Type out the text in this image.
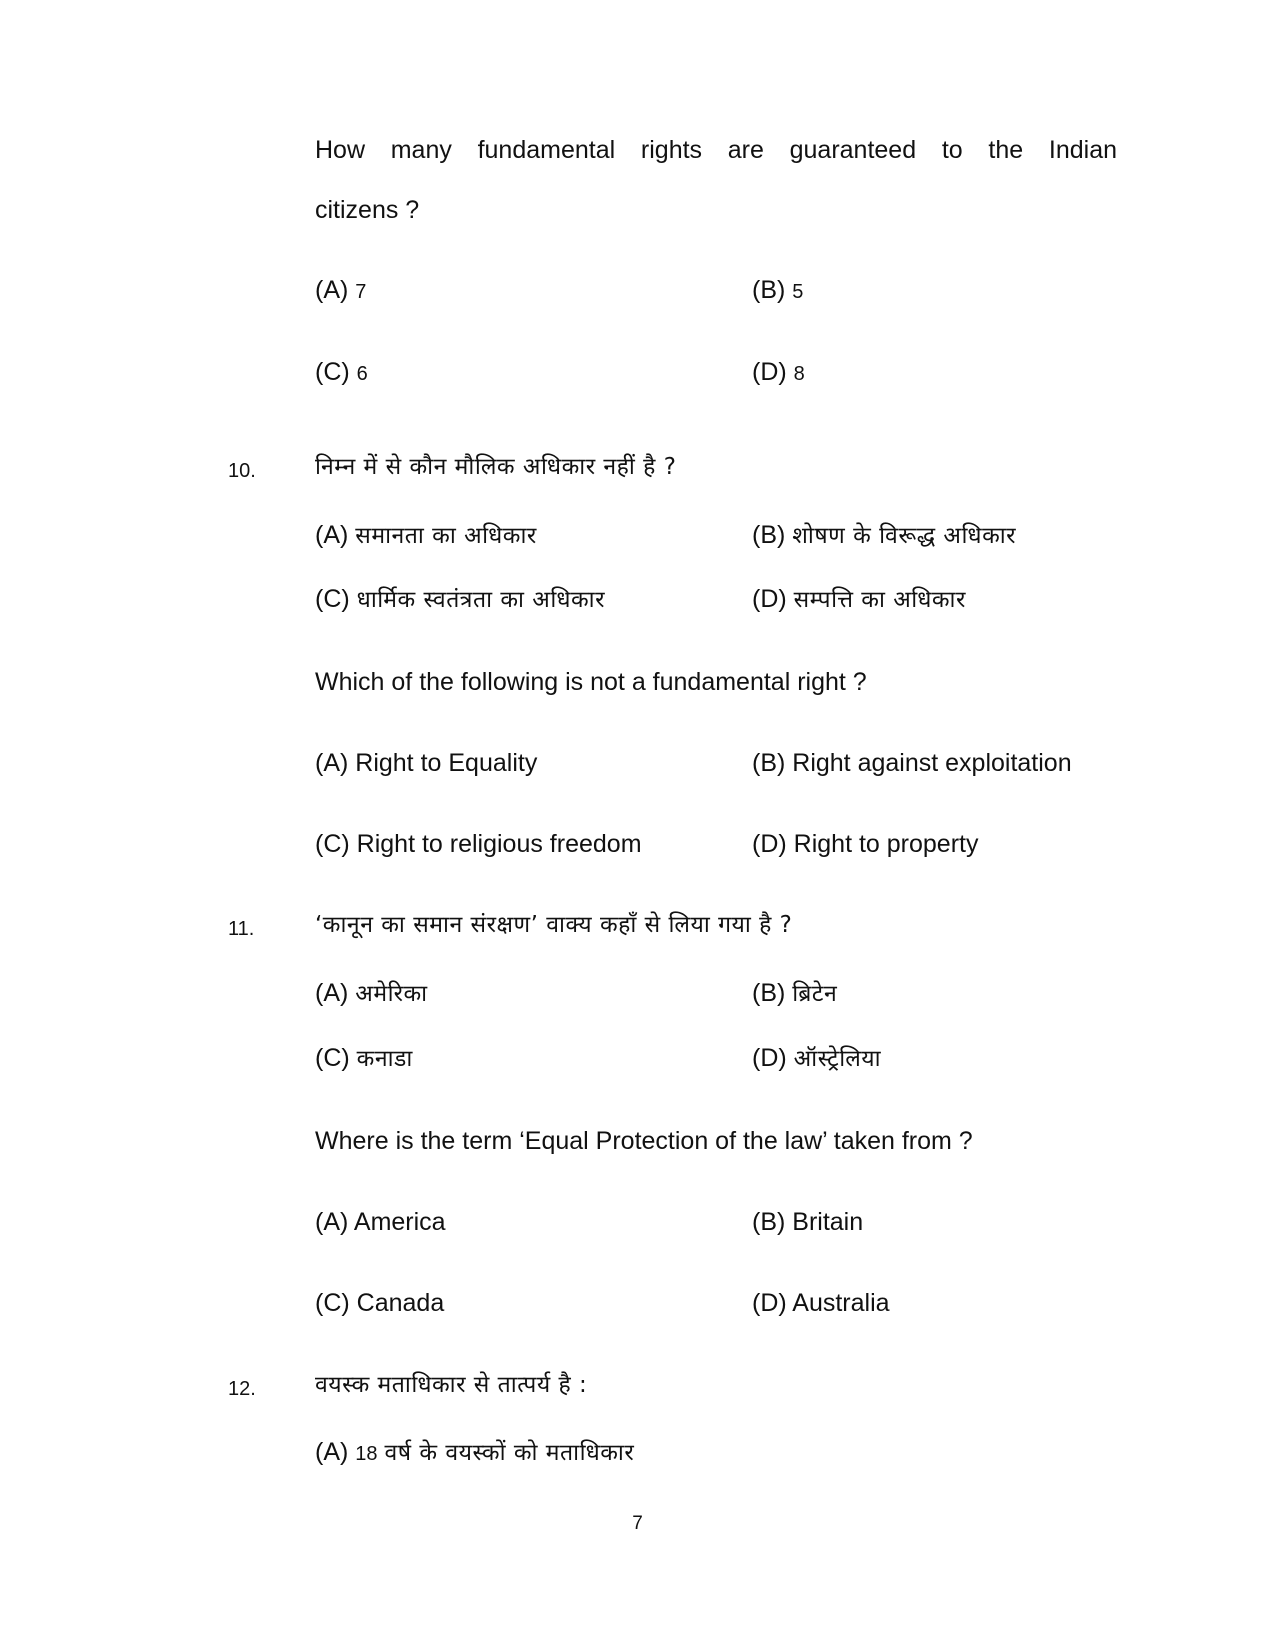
How many fundamental rights are guaranteed to the Indian
citizens ?
(A) 7	(B) 5
(C) 6	(D) 8
10.	निम्न में से कौन मौलिक अधिकार नहीं है ?
(A) समानता का अधिकार	(B) शोषण के विरूद्ध अधिकार
(C) धार्मिक स्वतंत्रता का अधिकार	(D) सम्पत्ति का अधिकार
Which of the following is not a fundamental right ?
(A) Right to Equality	(B) Right against exploitation
(C) Right to religious freedom	(D) Right to property
11.	‘कानून का समान संरक्षण’ वाक्य कहाँ से लिया गया है ?
(A) अमेरिका	(B) ब्रिटेन
(C) कनाडा	(D) ऑस्ट्रेलिया
Where is the term ‘Equal Protection of the law’ taken from ?
(A) America	(B) Britain
(C) Canada	(D) Australia
12.	वयस्क मताधिकार से तात्पर्य है :
(A) 18 वर्ष के वयस्कों को मताधिकार
7
